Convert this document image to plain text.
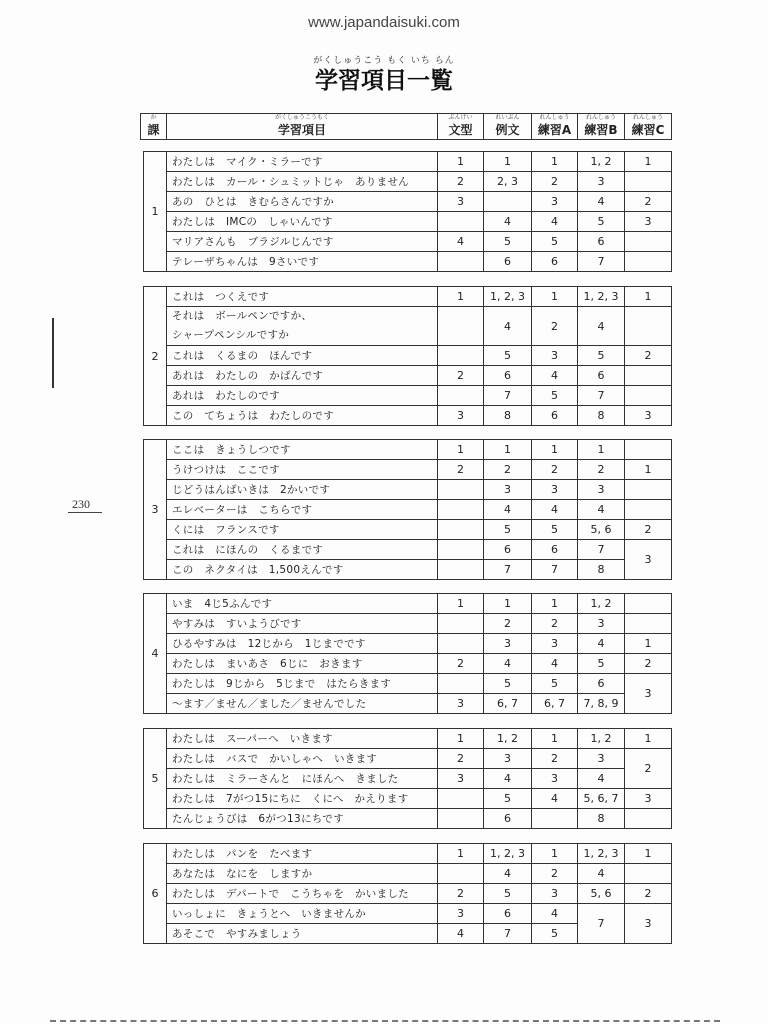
www.japandaisuki.com
がくしゅうこう もく いち らん
学習項目一覧
230
か
課	
がくしゅうこうもく
学習項目	
ぶんけい
文型	
れいぶん
例文	
れんしゅう
練習A	
れんしゅう
練習B	
れんしゅう
練習C
1	わたしは　マイク・ミラーです	1	1	1	1, 2	1
	わたしは　カール・シュミットじゃ　ありません	2	2, 3	2	3	
	あの　ひとは　きむらさんですか	3		3	4	2
	わたしは　IMCの　しゃいんです		4	4	5	3
	マリアさんも　ブラジルじんです	4	5	5	6	
	テレーザちゃんは　9さいです		6	6	7	
2	これは　つくえです	1	1, 2, 3	1	1, 2, 3	1
	それは　ボールペンですか、
シャープペンシルですか		4	2	4	
	これは　くるまの　ほんです		5	3	5	2
	あれは　わたしの　かばんです	2	6	4	6	
	あれは　わたしのです		7	5	7	
	この　てちょうは　わたしのです	3	8	6	8	3
3	ここは　きょうしつです	1	1	1	1	
	うけつけは　ここです	2	2	2	2	1
	じどうはんばいきは　2かいです		3	3	3	
	エレベーターは　こちらです		4	4	4	
	くには　フランスです		5	5	5, 6	2
	これは　にほんの　くるまです		6	6	7	3
	この　ネクタイは　1,500えんです		7	7	8	
4	いま　4じ5ふんです	1	1	1	1, 2	
	やすみは　すいようびです		2	2	3	
	ひるやすみは　12じから　1じまでです		3	3	4	1
	わたしは　まいあさ　6じに　おきます	2	4	4	5	2
	わたしは　9じから　5じまで　はたらきます		5	5	6	3
	〜ます／ません／ました／ませんでした	3	6, 7	6, 7	7, 8, 9	
5	わたしは　スーパーへ　いきます	1	1, 2	1	1, 2	1
	わたしは　バスで　かいしゃへ　いきます	2	3	2	3	2
	わたしは　ミラーさんと　にほんへ　きました	3	4	3	4	
	わたしは　7がつ15にちに　くにへ　かえります		5	4	5, 6, 7	3
	たんじょうびは　6がつ13にちです		6		8	
6	わたしは　パンを　たべます	1	1, 2, 3	1	1, 2, 3	1
	あなたは　なにを　しますか		4	2	4	
	わたしは　デパートで　こうちゃを　かいました	2	5	3	5, 6	2
	いっしょに　きょうとへ　いきませんか	3	6	4	7	3
	あそこで　やすみましょう	4	7	5		
